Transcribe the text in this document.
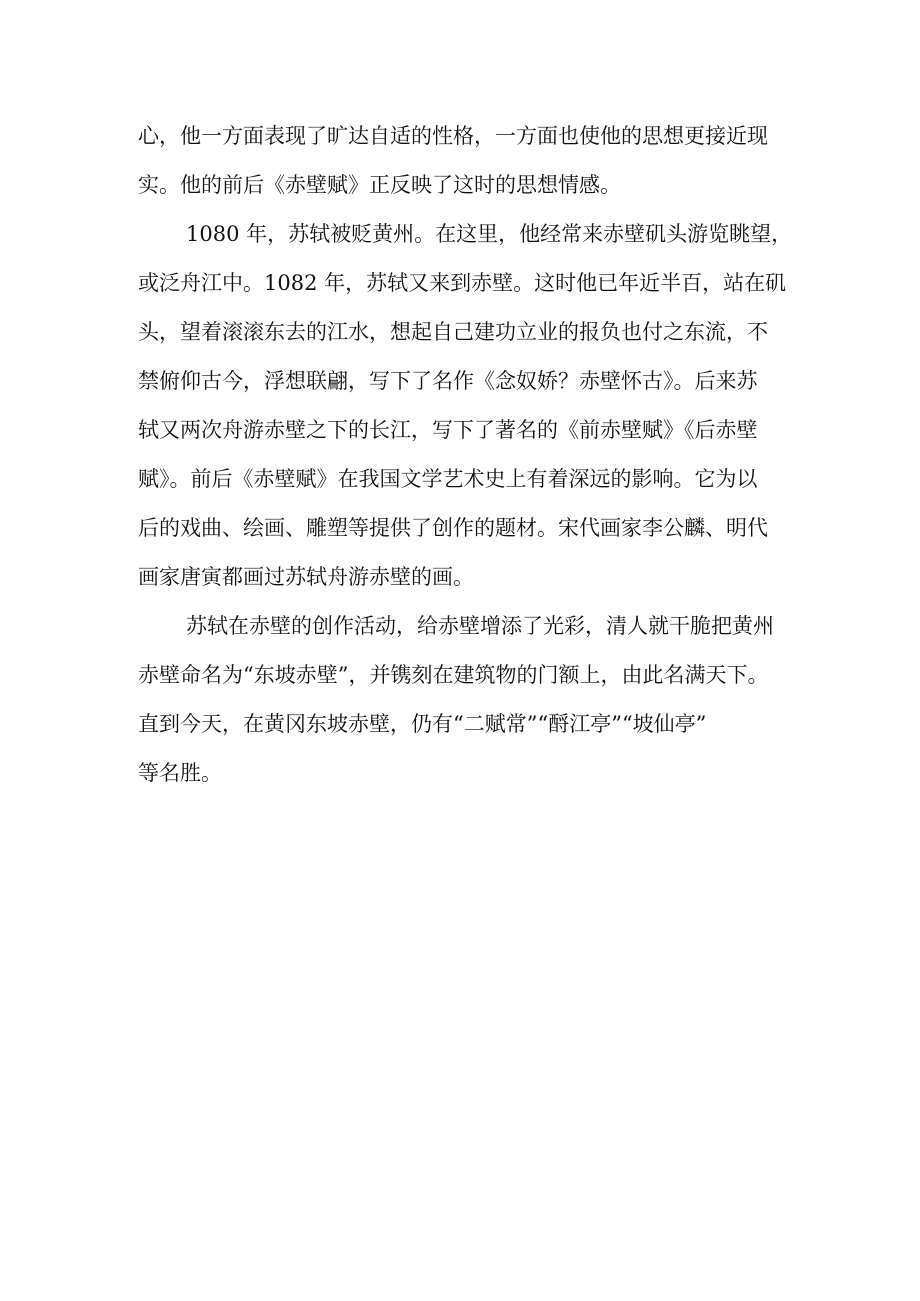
心，他一方面表现了旷达自适的性格，一方面也使他的思想更接近现
实。他的前后《赤壁赋》正反映了这时的思想情感。
1080 年，苏轼被贬黄州。在这里，他经常来赤壁矶头游览眺望，
或泛舟江中。1082 年，苏轼又来到赤壁。这时他已年近半百，站在矶
头，望着滚滚东去的江水，想起自己建功立业的报负也付之东流，不
禁俯仰古今，浮想联翩，写下了名作《念奴娇？赤壁怀古》。后来苏
轼又两次舟游赤壁之下的长江，写下了著名的《前赤壁赋》《后赤壁
赋》。前后《赤壁赋》在我国文学艺术史上有着深远的影响。它为以
后的戏曲、绘画、雕塑等提供了创作的题材。宋代画家李公麟、明代
画家唐寅都画过苏轼舟游赤壁的画。
苏轼在赤壁的创作活动，给赤壁增添了光彩，清人就干脆把黄州
赤壁命名为“东坡赤壁”，并镌刻在建筑物的门额上，由此名满天下。
直到今天，在黄冈东坡赤壁，仍有“二赋常”“酹江亭”“坡仙亭”
等名胜。
